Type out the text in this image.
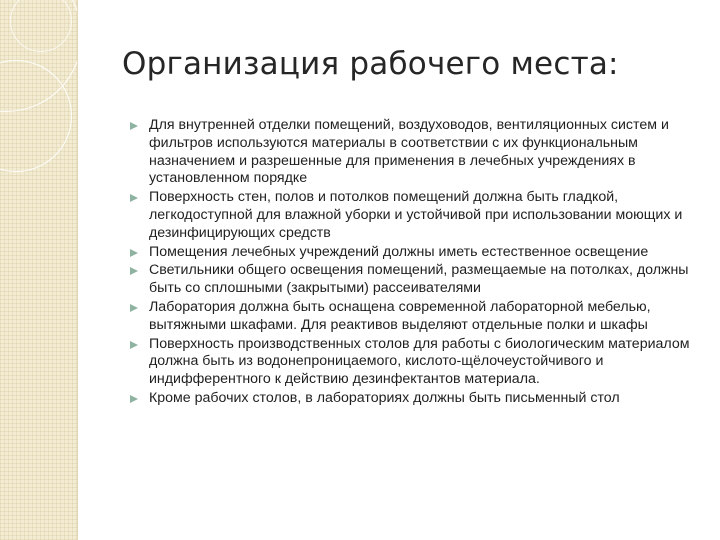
Организация рабочего места:
Для внутренней отделки помещений, воздуховодов, вентиляционных систем и фильтров используются материалы в соответствии с их функциональным назначением и разрешенные для применения в лечебных учреждениях в установленном порядке
Поверхность стен, полов и потолков помещений должна быть гладкой, легкодоступной для влажной уборки и устойчивой при использовании моющих и дезинфицирующих средств
Помещения лечебных учреждений должны иметь естественное освещение
Светильники общего освещения помещений, размещаемые на потолках, должны быть со сплошными (закрытыми) рассеивателями
Лаборатория должна быть оснащена современной лабораторной мебелью, вытяжными шкафами. Для реактивов выделяют отдельные полки и шкафы
Поверхность производственных столов для работы с биологическим материалом должна быть из водонепроницаемого, кислото-щёлочеустойчивого и индифферентного к действию дезинфектантов материала.
Кроме рабочих столов, в лабораториях должны быть письменный стол
